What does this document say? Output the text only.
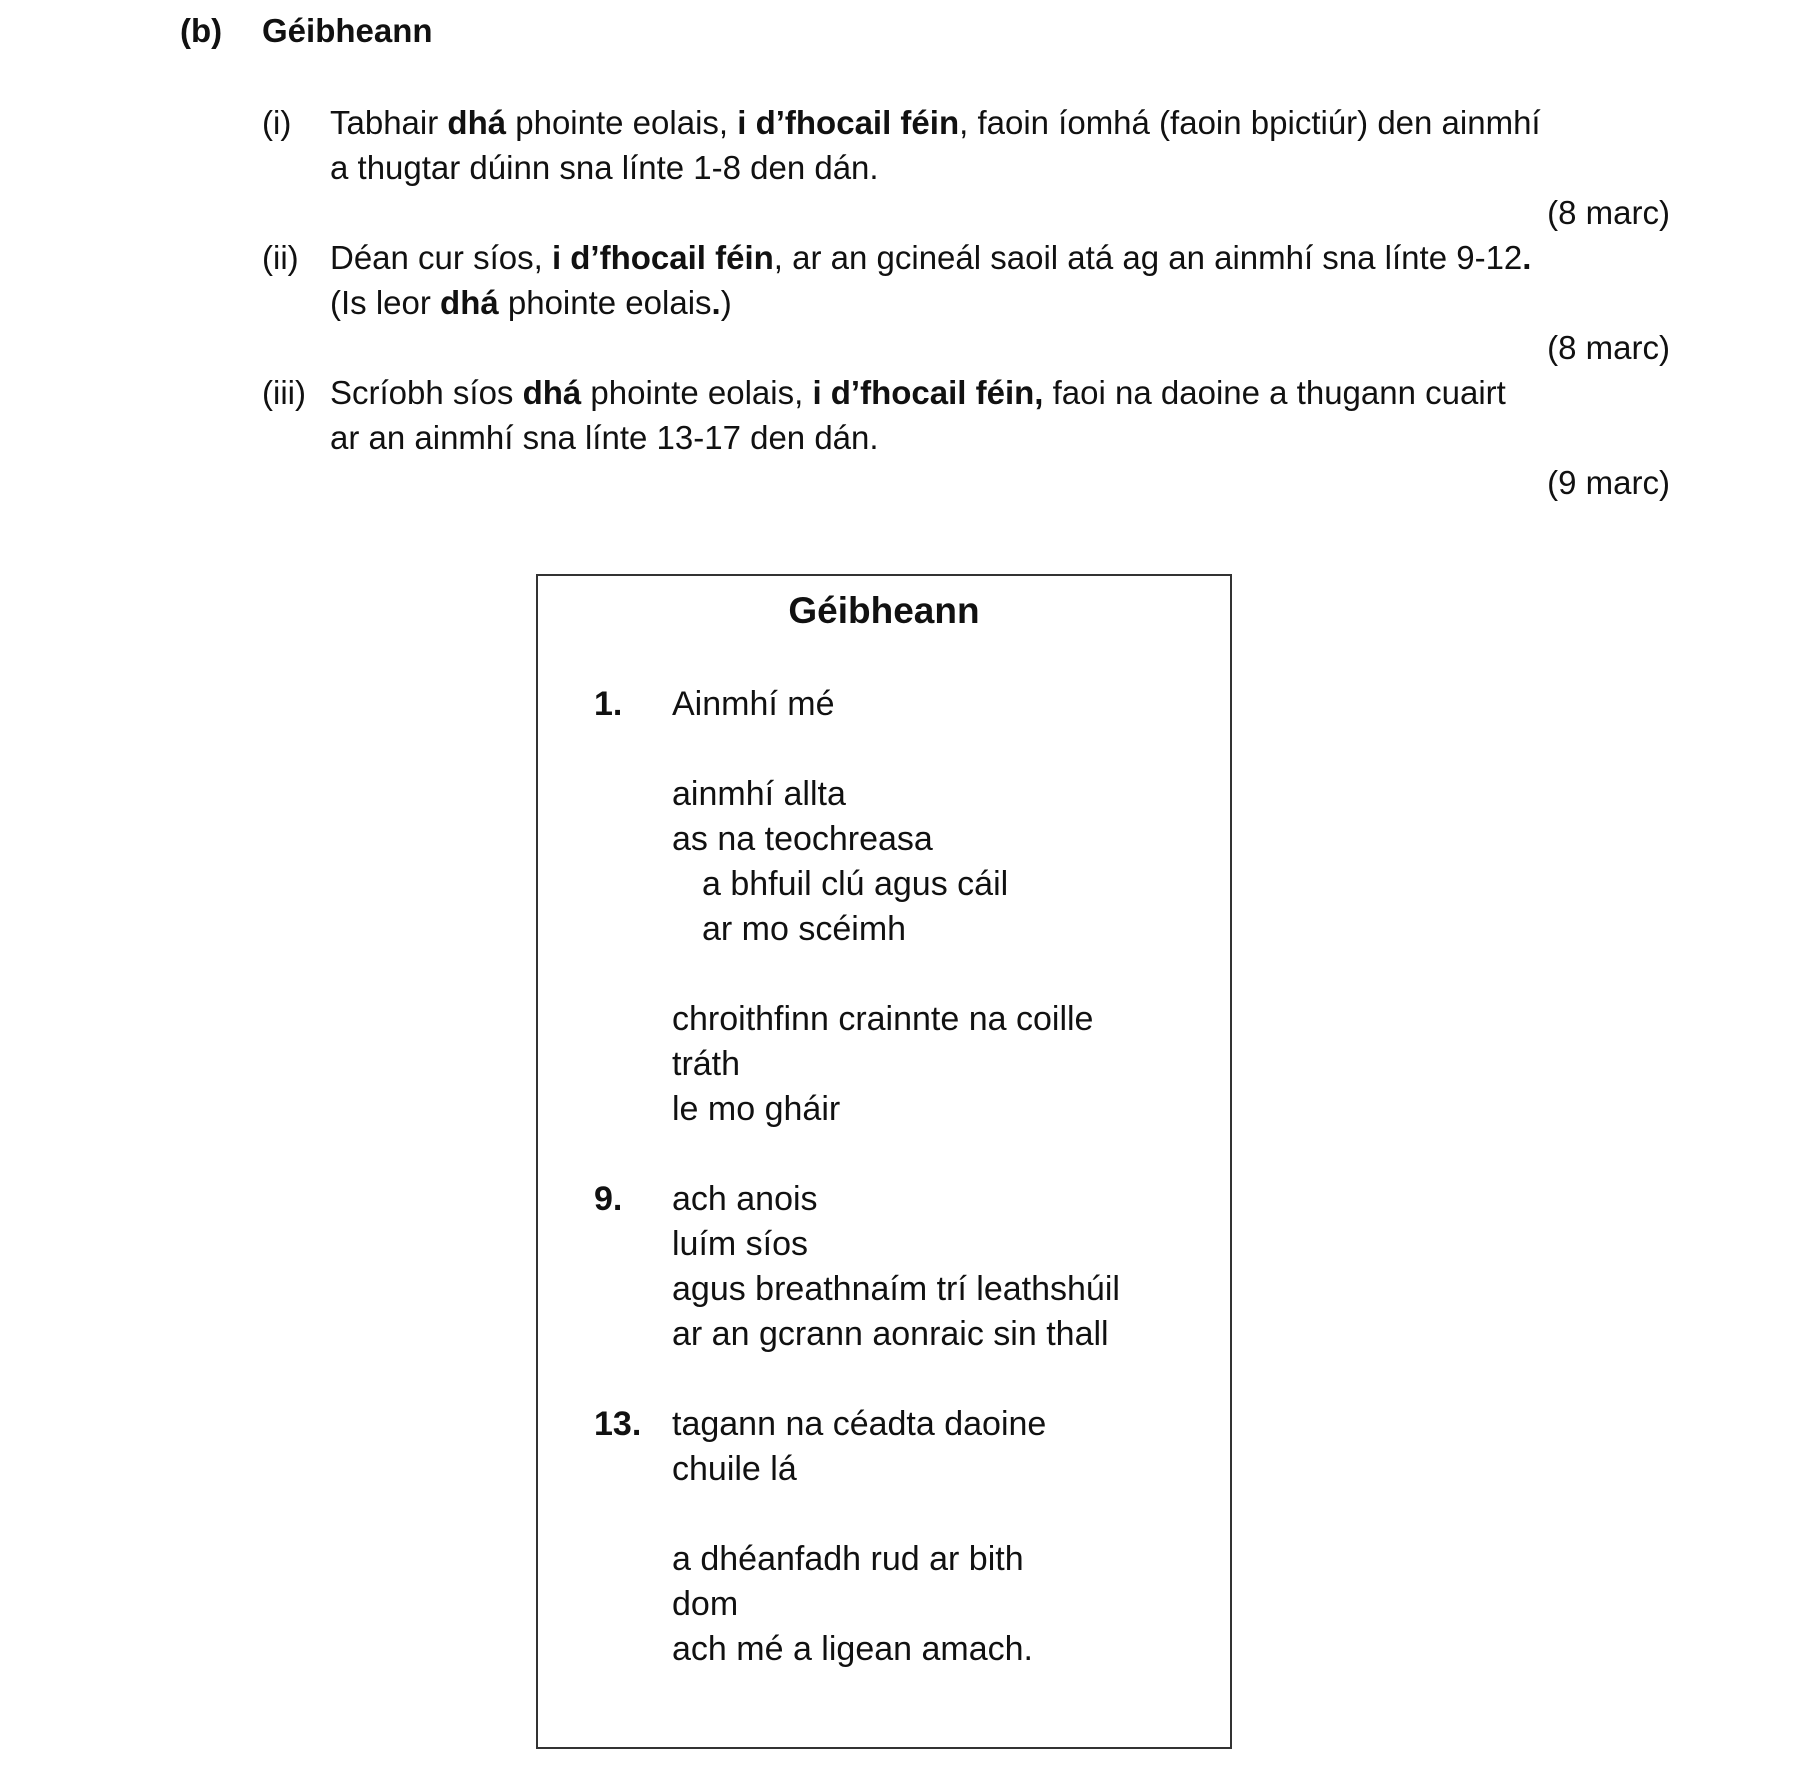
(b)	Géibheann
(i)	Tabhair dhá phointe eolais, i d’fhocail féin, faoin íomhá (faoin bpictiúr) den ainmhí
a thugtar dúinn sna línte 1-8 den dán.
(8 marc)
(ii) Déan cur síos, i d’fhocail féin, ar an gcineál saoil atá ag an ainmhí sna línte 9-12.
(Is leor dhá phointe eolais.)
(8 marc)
(iii) Scríobh síos dhá phointe eolais, i d’fhocail féin, faoi na daoine a thugann cuairt
ar an ainmhí sna línte 13-17 den dán.
(9 marc)
Géibheann
1.	Ainmhí mé
ainmhí allta
as na teochreasa
a bhfuil clú agus cáil
ar mo scéimh
chroithfinn crainnte na coille
tráth
le mo gháir
9.	ach anois
luím síos
agus breathnaím trí leathshúil
ar an gcrann aonraic sin thall
13. tagann na céadta daoine
chuile lá
a dhéanfadh rud ar bith
dom
ach mé a ligean amach.
